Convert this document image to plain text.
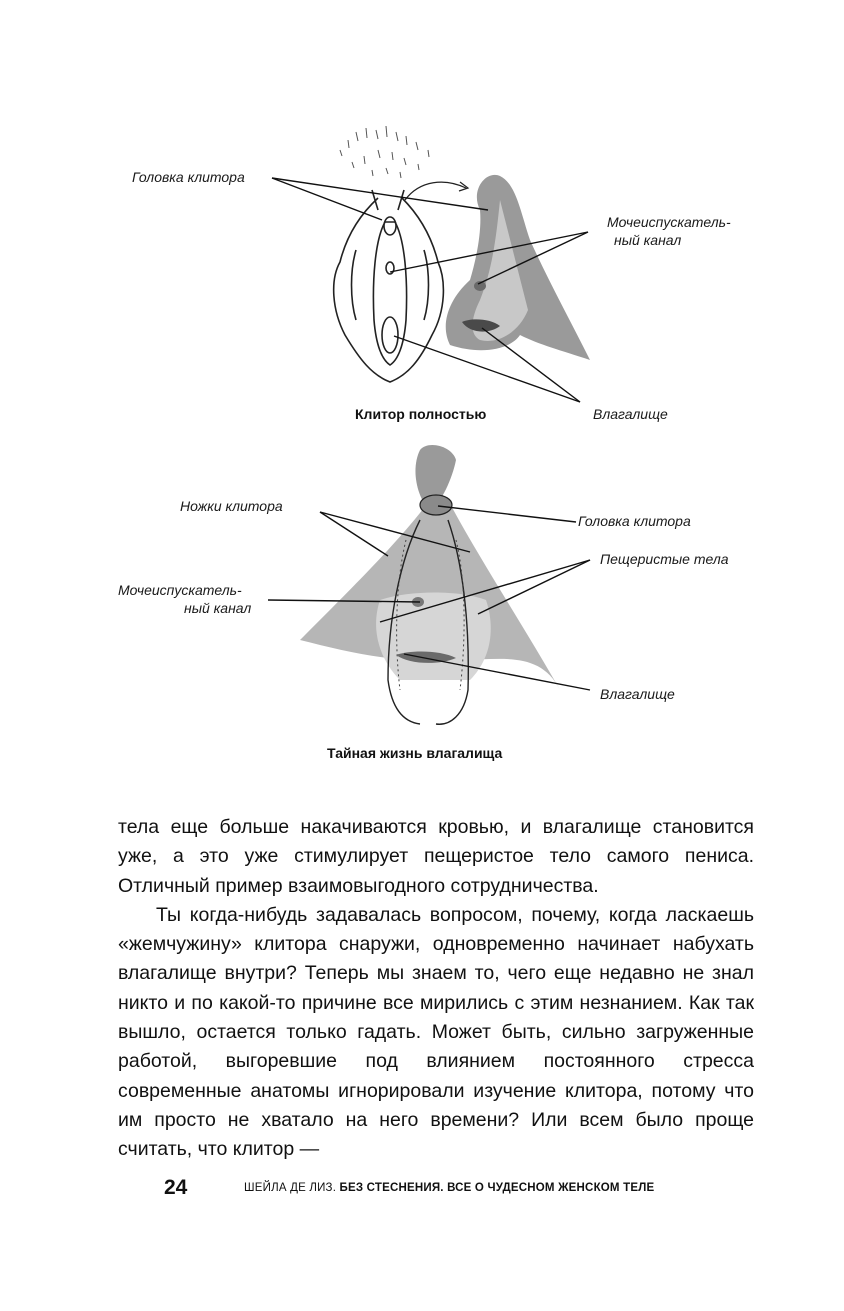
Головка клитора
Мочеиспускатель-
ный канал
Влагалище
Клитор полностью
Ножки клитора
Головка клитора
Пещеристые тела
Мочеиспускатель-
ный канал
Влагалище
Тайная жизнь влагалища

тела еще больше накачиваются кровью, и влагалище становится уже, а это уже стимулирует пещеристое тело самого пениса. Отличный пример взаимовыгодного сотрудничества.

Ты когда-нибудь задавалась вопросом, почему, когда ласкаешь «жемчужину» клитора снаружи, одновременно начинает набухать влагалище внутри? Теперь мы знаем то, чего еще недавно не знал никто и по какой-то причине все мирились с этим незнанием. Как так вышло, остается только гадать. Может быть, сильно загруженные работой, выгоревшие под влиянием постоянного стресса современные анатомы игнорировали изучение клитора, потому что им просто не хватало на него времени? Или всем было проще считать, что клитор —

24	ШЕЙЛА ДЕ ЛИЗ. БЕЗ СТЕСНЕНИЯ. ВСЕ О ЧУДЕСНОМ ЖЕНСКОМ ТЕЛЕ
